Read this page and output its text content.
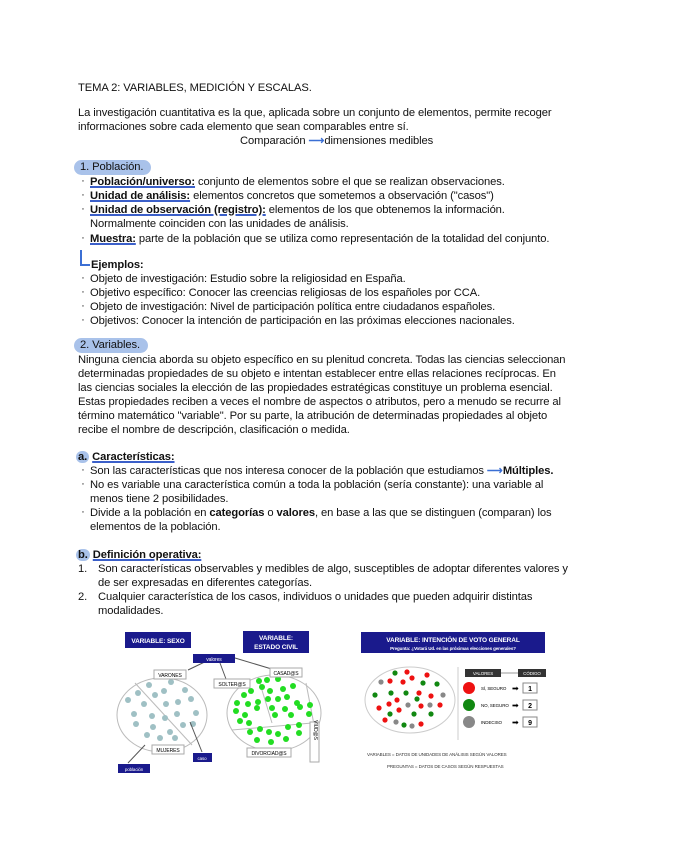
TEMA 2: VARIABLES, MEDICIÓN Y ESCALAS.
La investigación cuantitativa es la que, aplicada sobre un conjunto de elementos, permite recoger
informaciones sobre cada elemento que sean comparables entre sí.
Comparación ⟶dimensiones medibles
1. Población.
· Población/universo: conjunto de elementos sobre el que se realizan observaciones.
· Unidad de análisis: elementos concretos que sometemos a observación ("casos")
· Unidad de observación (registro): elementos de los que obtenemos la información.
Normalmente coinciden con las unidades de análisis.
· Muestra: parte de la población que se utiliza como representación de la totalidad del conjunto.
Ejemplos:
· Objeto de investigación: Estudio sobre la religiosidad en España.
· Objetivo específico: Conocer las creencias religiosas de los españoles por CCA.
· Objeto de investigación: Nivel de participación política entre ciudadanos españoles.
· Objetivos: Conocer la intención de participación en las próximas elecciones nacionales.
2. Variables.
Ninguna ciencia aborda su objeto específico en su plenitud concreta. Todas las ciencias seleccionan
determinadas propiedades de su objeto e intentan establecer entre ellas relaciones recíprocas. En
las ciencias sociales la elección de las propiedades estratégicas constituye un problema esencial.
Estas propiedades reciben a veces el nombre de aspectos o atributos, pero a menudo se recurre al
término matemático "variable". Por su parte, la atribución de determinadas propiedades al objeto
recibe el nombre de descripción, clasificación o medida.
a. Características:
· Son las características que nos interesa conocer de la población que estudiamos ⟶Múltiples.
· No es variable una característica común a toda la población (sería constante): una variable al
menos tiene 2 posibilidades.
· Divide a la población en categorías o valores, en base a las que se distinguen (comparan) los
elementos de la población.
b. Definición operativa:
1. Son características observables y medibles de algo, susceptibles de adoptar diferentes valores y
de ser expresadas en diferentes categorías.
2. Cualquier característica de los casos, individuos o unidades que pueden adquirir distintas
modalidades.
VARIABLE: SEXO	VARIABLE:
ESTADO CIVIL
valores
VARONES
SOLTER@S
CASAD@S
MUJERES	DIVORCIAD@S
VIUD@S
población
caso
VARIABLE: INTENCIÓN DE VOTO GENERAL
Pregunta: ¿Votará Ud. en las próximas elecciones generales?
VALORES	CÓDIGO
SÍ, SEGURO ➡ 1
NO, SEGURO ➡ 2
INDECISO ➡ 9
VARIABLES = DATOS DE UNIDADES DE ANÁLISIS SEGÚN VALORES
PREGUNTAS = DATOS DE CASOS SEGÚN RESPUESTAS
